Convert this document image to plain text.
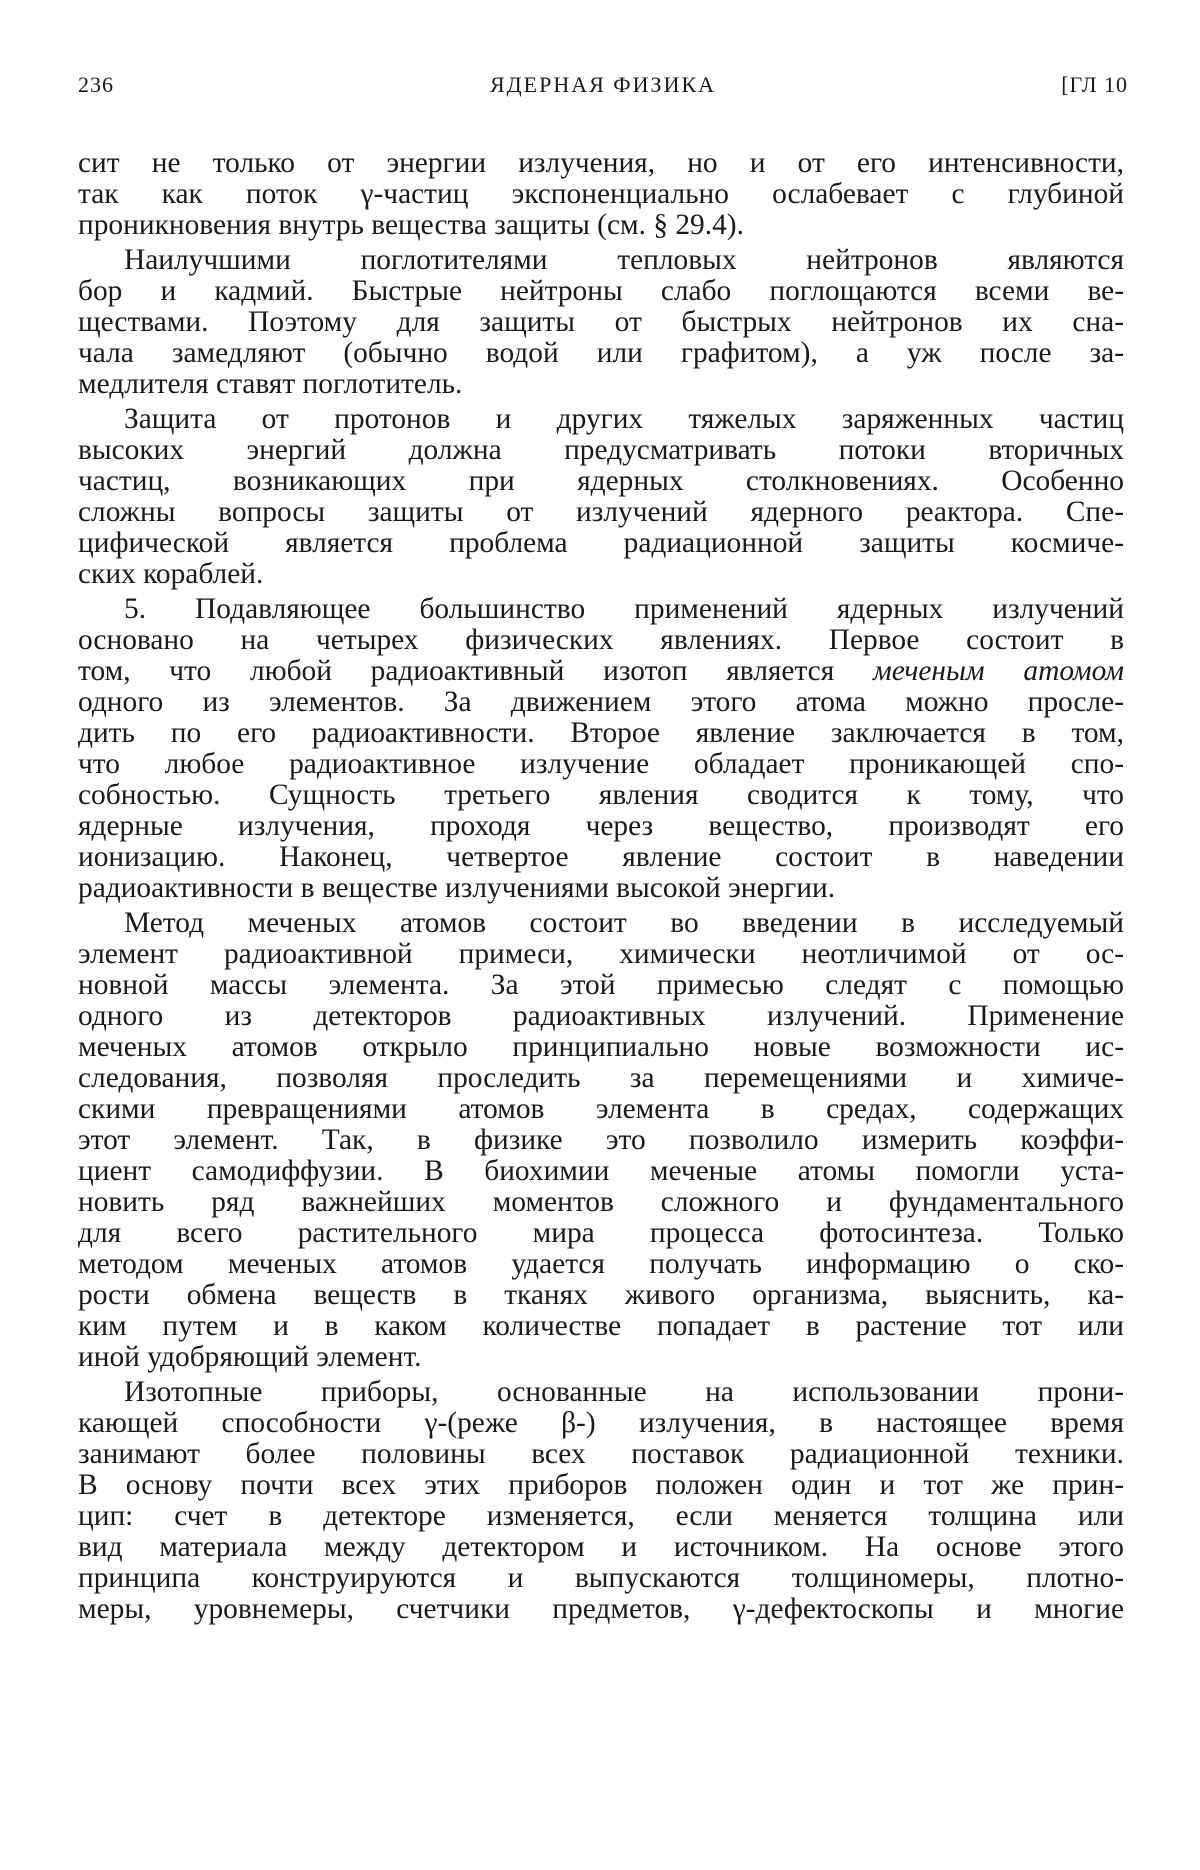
236	ЯДЕРНАЯ ФИЗИКА	[ГЛ 10
сит не только от энергии излучения, но и от его интенсивности,
так как поток γ-частиц экспоненциально ослабевает с глубиной
проникновения внутрь вещества защиты (см. § 29.4).
Наилучшими поглотителями тепловых нейтронов являются
бор и кадмий. Быстрые нейтроны слабо поглощаются всеми ве-
ществами. Поэтому для защиты от быстрых нейтронов их сна-
чала замедляют (обычно водой или графитом), а уж после за-
медлителя ставят поглотитель.
Защита от протонов и других тяжелых заряженных частиц
высоких энергий должна предусматривать потоки вторичных
частиц, возникающих при ядерных столкновениях. Особенно
сложны вопросы защиты от излучений ядерного реактора. Спе-
цифической является проблема радиационной защиты космиче-
ских кораблей.
5. Подавляющее большинство применений ядерных излучений
основано на четырех физических явлениях. Первое состоит в
том, что любой радиоактивный изотоп является меченым атомом
одного из элементов. За движением этого атома можно просле-
дить по его радиоактивности. Второе явление заключается в том,
что любое радиоактивное излучение обладает проникающей спо-
собностью. Сущность третьего явления сводится к тому, что
ядерные излучения, проходя через вещество, производят его
ионизацию. Наконец, четвертое явление состоит в наведении
радиоактивности в веществе излучениями высокой энергии.
Метод меченых атомов состоит во введении в исследуемый
элемент радиоактивной примеси, химически неотличимой от ос-
новной массы элемента. За этой примесью следят с помощью
одного из детекторов радиоактивных излучений. Применение
меченых атомов открыло принципиально новые возможности ис-
следования, позволяя проследить за перемещениями и химиче-
скими превращениями атомов элемента в средах, содержащих
этот элемент. Так, в физике это позволило измерить коэффи-
циент самодиффузии. В биохимии меченые атомы помогли уста-
новить ряд важнейших моментов сложного и фундаментального
для всего растительного мира процесса фотосинтеза. Только
методом меченых атомов удается получать информацию о ско-
рости обмена веществ в тканях живого организма, выяснить, ка-
ким путем и в каком количестве попадает в растение тот или
иной удобряющий элемент.
Изотопные приборы, основанные на использовании прони-
кающей способности γ-(реже β-) излучения, в настоящее время
занимают более половины всех поставок радиационной техники.
В основу почти всех этих приборов положен один и тот же прин-
цип: счет в детекторе изменяется, если меняется толщина или
вид материала между детектором и источником. На основе этого
принципа конструируются и выпускаются толщиномеры, плотно-
меры, уровнемеры, счетчики предметов, γ-дефектоскопы и многие
